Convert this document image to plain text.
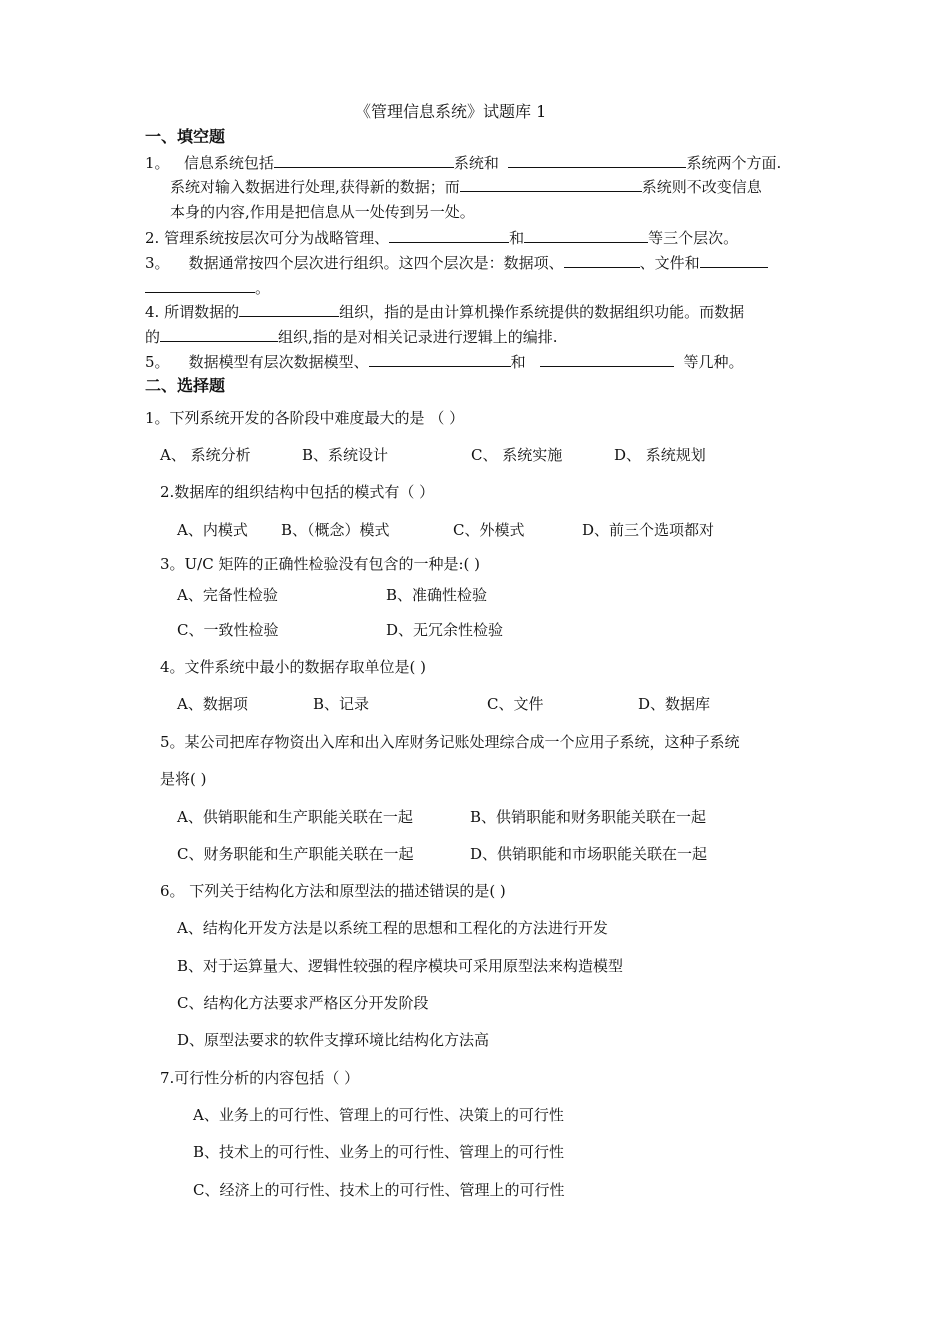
《管理信息系统》试题库 1
一、填空题
1。 信息系统包括	系统和	系统两个方面.
系统对输入数据进行处理,获得新的数据；而	系统则不改变信息
本身的内容,作用是把信息从一处传到另一处。
2. 管理系统按层次可分为战略管理、	和	等三个层次。
3。 数据通常按四个层次进行组织。这四个层次是：数据项、	、文件和
。
4. 所谓数据的	组织，指的是由计算机操作系统提供的数据组织功能。而数据
的	组织,指的是对相关记录进行逻辑上的编排.
5。 数据模型有层次数据模型、	和	等几种。
二、选择题
1。下列系统开发的各阶段中难度最大的是 （ ）
A、 系统分析	B、系统设计	C、 系统实施	D、 系统规划
2.数据库的组织结构中包括的模式有（ ）
A、内模式 B、（概念）模式	C、外模式	D、前三个选项都对
3。U/C 矩阵的正确性检验没有包含的一种是:( )
A、完备性检验	B、准确性检验
C、一致性检验	D、无冗余性检验
4。文件系统中最小的数据存取单位是( )
A、数据项	B、记录	C、文件	D、数据库
5。某公司把库存物资出入库和出入库财务记账处理综合成一个应用子系统，这种子系统
是将( )
A、供销职能和生产职能关联在一起	B、供销职能和财务职能关联在一起
C、财务职能和生产职能关联在一起	D、供销职能和市场职能关联在一起
6。 下列关于结构化方法和原型法的描述错误的是( )
A、结构化开发方法是以系统工程的思想和工程化的方法进行开发
B、对于运算量大、逻辑性较强的程序模块可采用原型法来构造模型
C、结构化方法要求严格区分开发阶段
D、原型法要求的软件支撑环境比结构化方法高
7.可行性分析的内容包括（ ）
A、业务上的可行性、管理上的可行性、决策上的可行性
B、技术上的可行性、业务上的可行性、管理上的可行性
C、经济上的可行性、技术上的可行性、管理上的可行性
